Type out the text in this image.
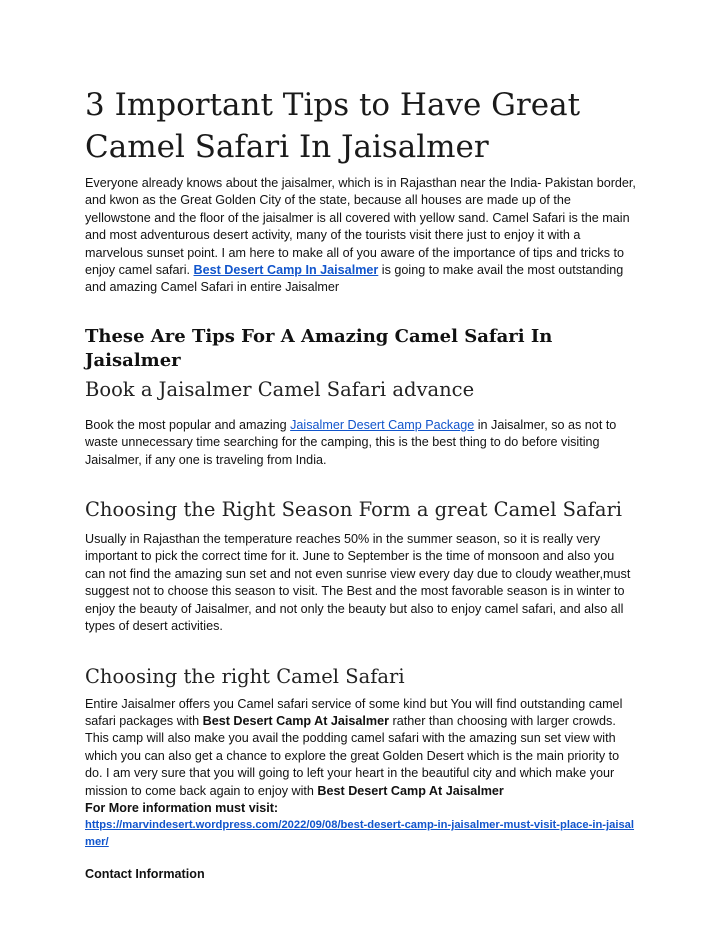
3 Important Tips to Have Great
Camel Safari In Jaisalmer

Everyone already knows about the jaisalmer, which is in Rajasthan near the India- Pakistan border, and kwon as the Great Golden City of the state, because all houses are made up of the yellowstone and the floor of the jaisalmer is all covered with yellow sand. Camel Safari is the main and most adventurous desert activity, many of the tourists visit there just to enjoy it with a marvelous sunset point. I am here to make all of you aware of the importance of tips and tricks to enjoy camel safari. Best Desert Camp In Jaisalmer is going to make avail the most outstanding and amazing Camel Safari in entire Jaisalmer

These Are Tips For A Amazing Camel Safari In Jaisalmer
Book a Jaisalmer Camel Safari advance

Book the most popular and amazing Jaisalmer Desert Camp Package in Jaisalmer, so as not to waste unnecessary time searching for the camping, this is the best thing to do before visiting Jaisalmer, if any one is traveling from India.

Choosing the Right Season Form a great Camel Safari

Usually in Rajasthan the temperature reaches 50% in the summer season, so it is really very important to pick the correct time for it. June to September is the time of monsoon and also you can not find the amazing sun set and not even sunrise view every day due to cloudy weather,must suggest not to choose this season to visit. The Best and the most favorable season is in winter to enjoy the beauty of Jaisalmer, and not only the beauty but also to enjoy camel safari, and also all types of desert activities.

Choosing the right Camel Safari

Entire Jaisalmer offers you Camel safari service of some kind but You will find outstanding camel safari packages with Best Desert Camp At Jaisalmer rather than choosing with larger crowds. This camp will also make you avail the podding camel safari with the amazing sun set view with which you can also get a chance to explore the great Golden Desert which is the main priority to do. I am very sure that you will going to left your heart in the beautiful city and which make your mission to come back again to enjoy with Best Desert Camp At Jaisalmer
For More information must visit:

https://marvindesert.wordpress.com/2022/09/08/best-desert-camp-in-jaisalmer-must-visit-place-in-jaisalmer/

Contact Information
